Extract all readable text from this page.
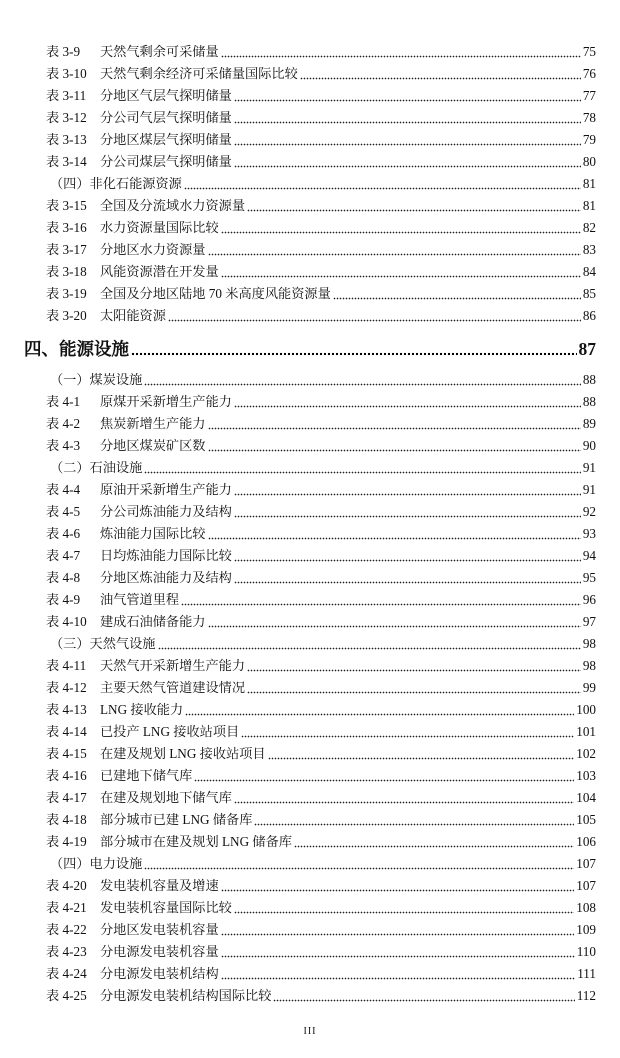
表 3-9	天然气剩余可采储量	75
表 3-10	天然气剩余经济可采储量国际比较	76
表 3-11	分地区气层气探明储量	77
表 3-12	分公司气层气探明储量	78
表 3-13	分地区煤层气探明储量	79
表 3-14	分公司煤层气探明储量	80
（四）非化石能源资源	81
表 3-15	全国及分流域水力资源量	81
表 3-16	水力资源量国际比较	82
表 3-17	分地区水力资源量	83
表 3-18	风能资源潜在开发量	84
表 3-19	全国及分地区陆地 70 米高度风能资源量	85
表 3-20	太阳能资源	86
四、能源设施	87
（一）煤炭设施	88
表 4-1	原煤开采新增生产能力	88
表 4-2	焦炭新增生产能力	89
表 4-3	分地区煤炭矿区数	90
（二）石油设施	91
表 4-4	原油开采新增生产能力	91
表 4-5	分公司炼油能力及结构	92
表 4-6	炼油能力国际比较	93
表 4-7	日均炼油能力国际比较	94
表 4-8	分地区炼油能力及结构	95
表 4-9	油气管道里程	96
表 4-10	建成石油储备能力	97
（三）天然气设施	98
表 4-11	天然气开采新增生产能力	98
表 4-12	主要天然气管道建设情况	99
表 4-13	LNG 接收能力	100
表 4-14	已投产 LNG 接收站项目	101
表 4-15	在建及规划 LNG 接收站项目	102
表 4-16	已建地下储气库	103
表 4-17	在建及规划地下储气库	104
表 4-18	部分城市已建 LNG 储备库	105
表 4-19	部分城市在建及规划 LNG 储备库	106
（四）电力设施	107
表 4-20	发电装机容量及增速	107
表 4-21	发电装机容量国际比较	108
表 4-22	分地区发电装机容量	109
表 4-23	分电源发电装机容量	110
表 4-24	分电源发电装机结构	111
表 4-25	分电源发电装机结构国际比较	112
III
